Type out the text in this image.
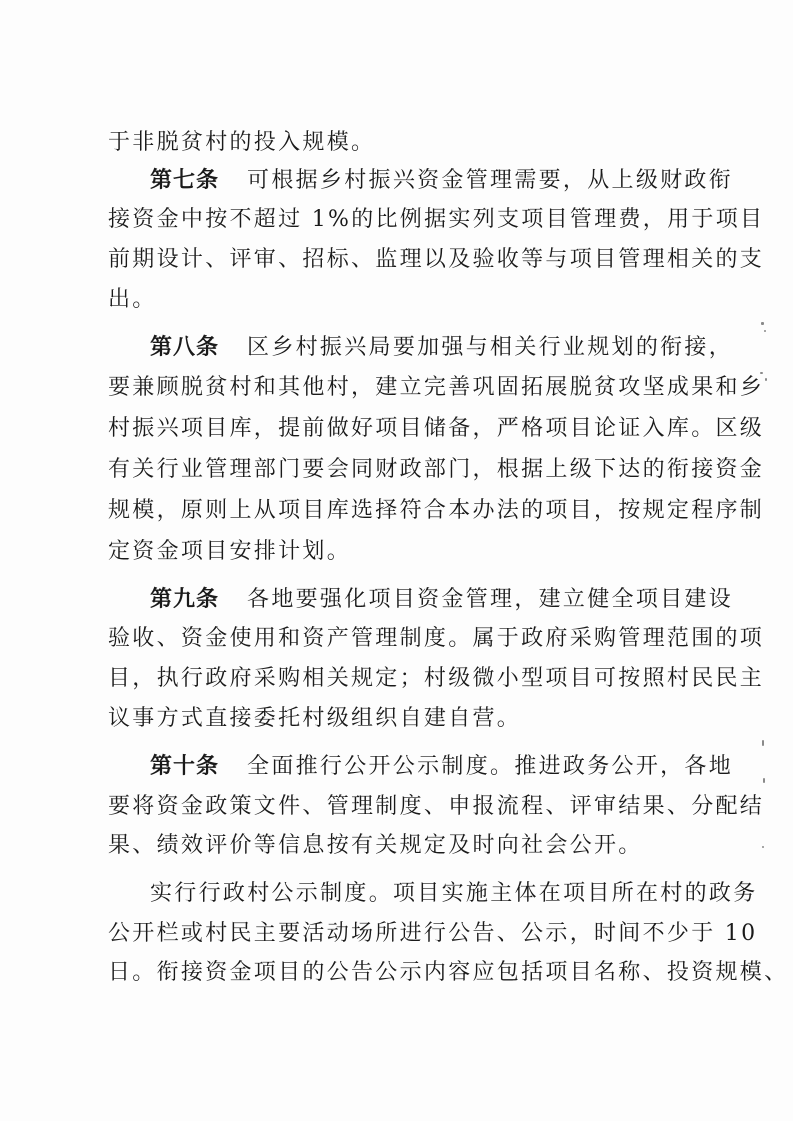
于非脱贫村的投入规模。
第七条 可根据乡村振兴资金管理需要，从上级财政衔
接资金中按不超过 1%的比例据实列支项目管理费，用于项目
前期设计、评审、招标、监理以及验收等与项目管理相关的支
出。
第八条 区乡村振兴局要加强与相关行业规划的衔接，
要兼顾脱贫村和其他村，建立完善巩固拓展脱贫攻坚成果和乡
村振兴项目库，提前做好项目储备，严格项目论证入库。区级
有关行业管理部门要会同财政部门，根据上级下达的衔接资金
规模，原则上从项目库选择符合本办法的项目，按规定程序制
定资金项目安排计划。
第九条 各地要强化项目资金管理，建立健全项目建设
验收、资金使用和资产管理制度。属于政府采购管理范围的项
目，执行政府采购相关规定；村级微小型项目可按照村民民主
议事方式直接委托村级组织自建自营。
第十条 全面推行公开公示制度。推进政务公开，各地
要将资金政策文件、管理制度、申报流程、评审结果、分配结
果、绩效评价等信息按有关规定及时向社会公开。
实行行政村公示制度。项目实施主体在项目所在村的政务
公开栏或村民主要活动场所进行公告、公示，时间不少于 10
日。衔接资金项目的公告公示内容应包括项目名称、投资规模、
